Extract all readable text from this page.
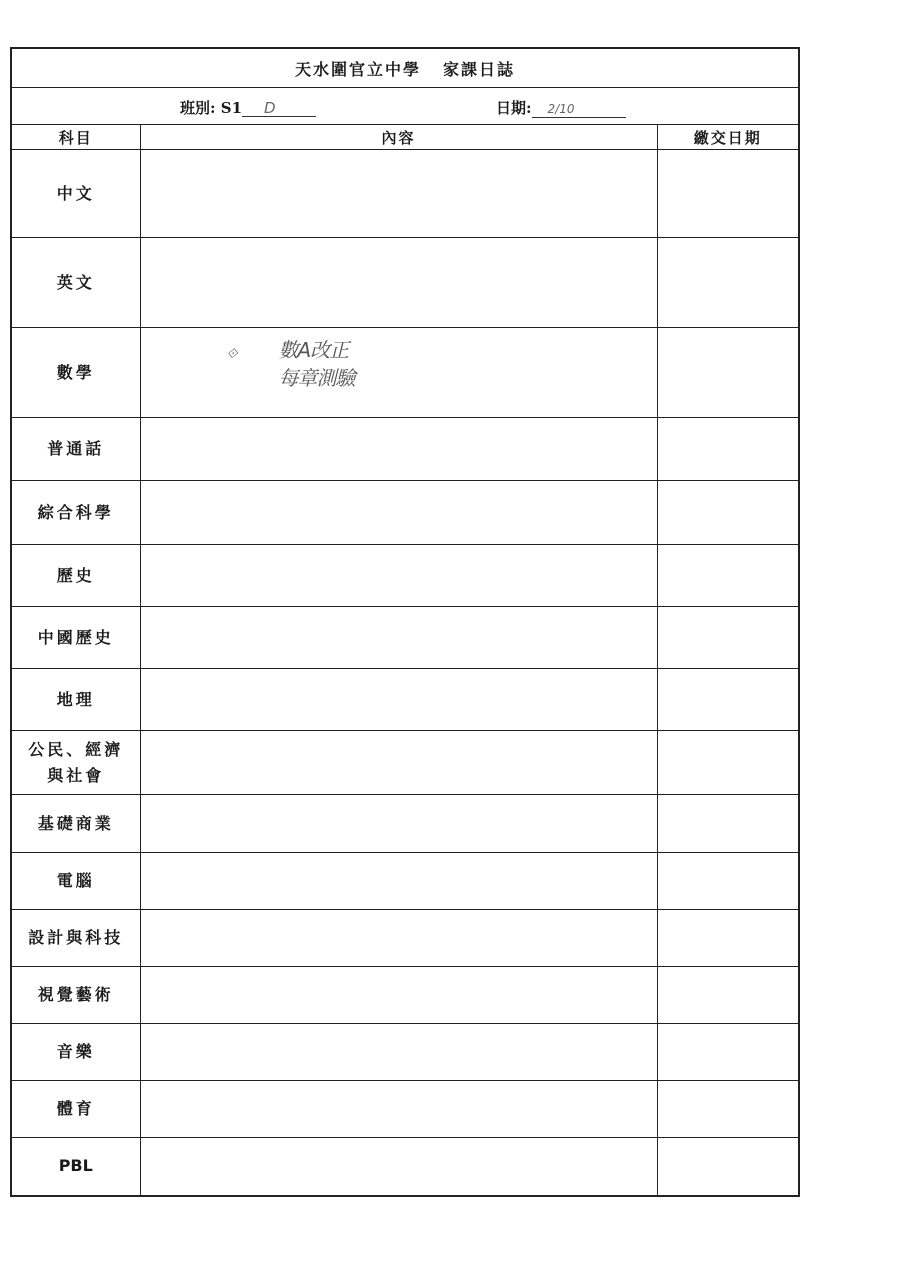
天水圍官立中學 家課日誌
班別: S1 D	日期: 2/10
科目	內容	繳交日期
中文		
英文		
數學	⟐ 數A改正
每章測驗	

普通話		
綜合科學		
歷史		
中國歷史		
地理		

公民、經濟
與社會		

基礎商業		
電腦		
設計與科技		
視覺藝術		
音樂		
體育		
PBL		
